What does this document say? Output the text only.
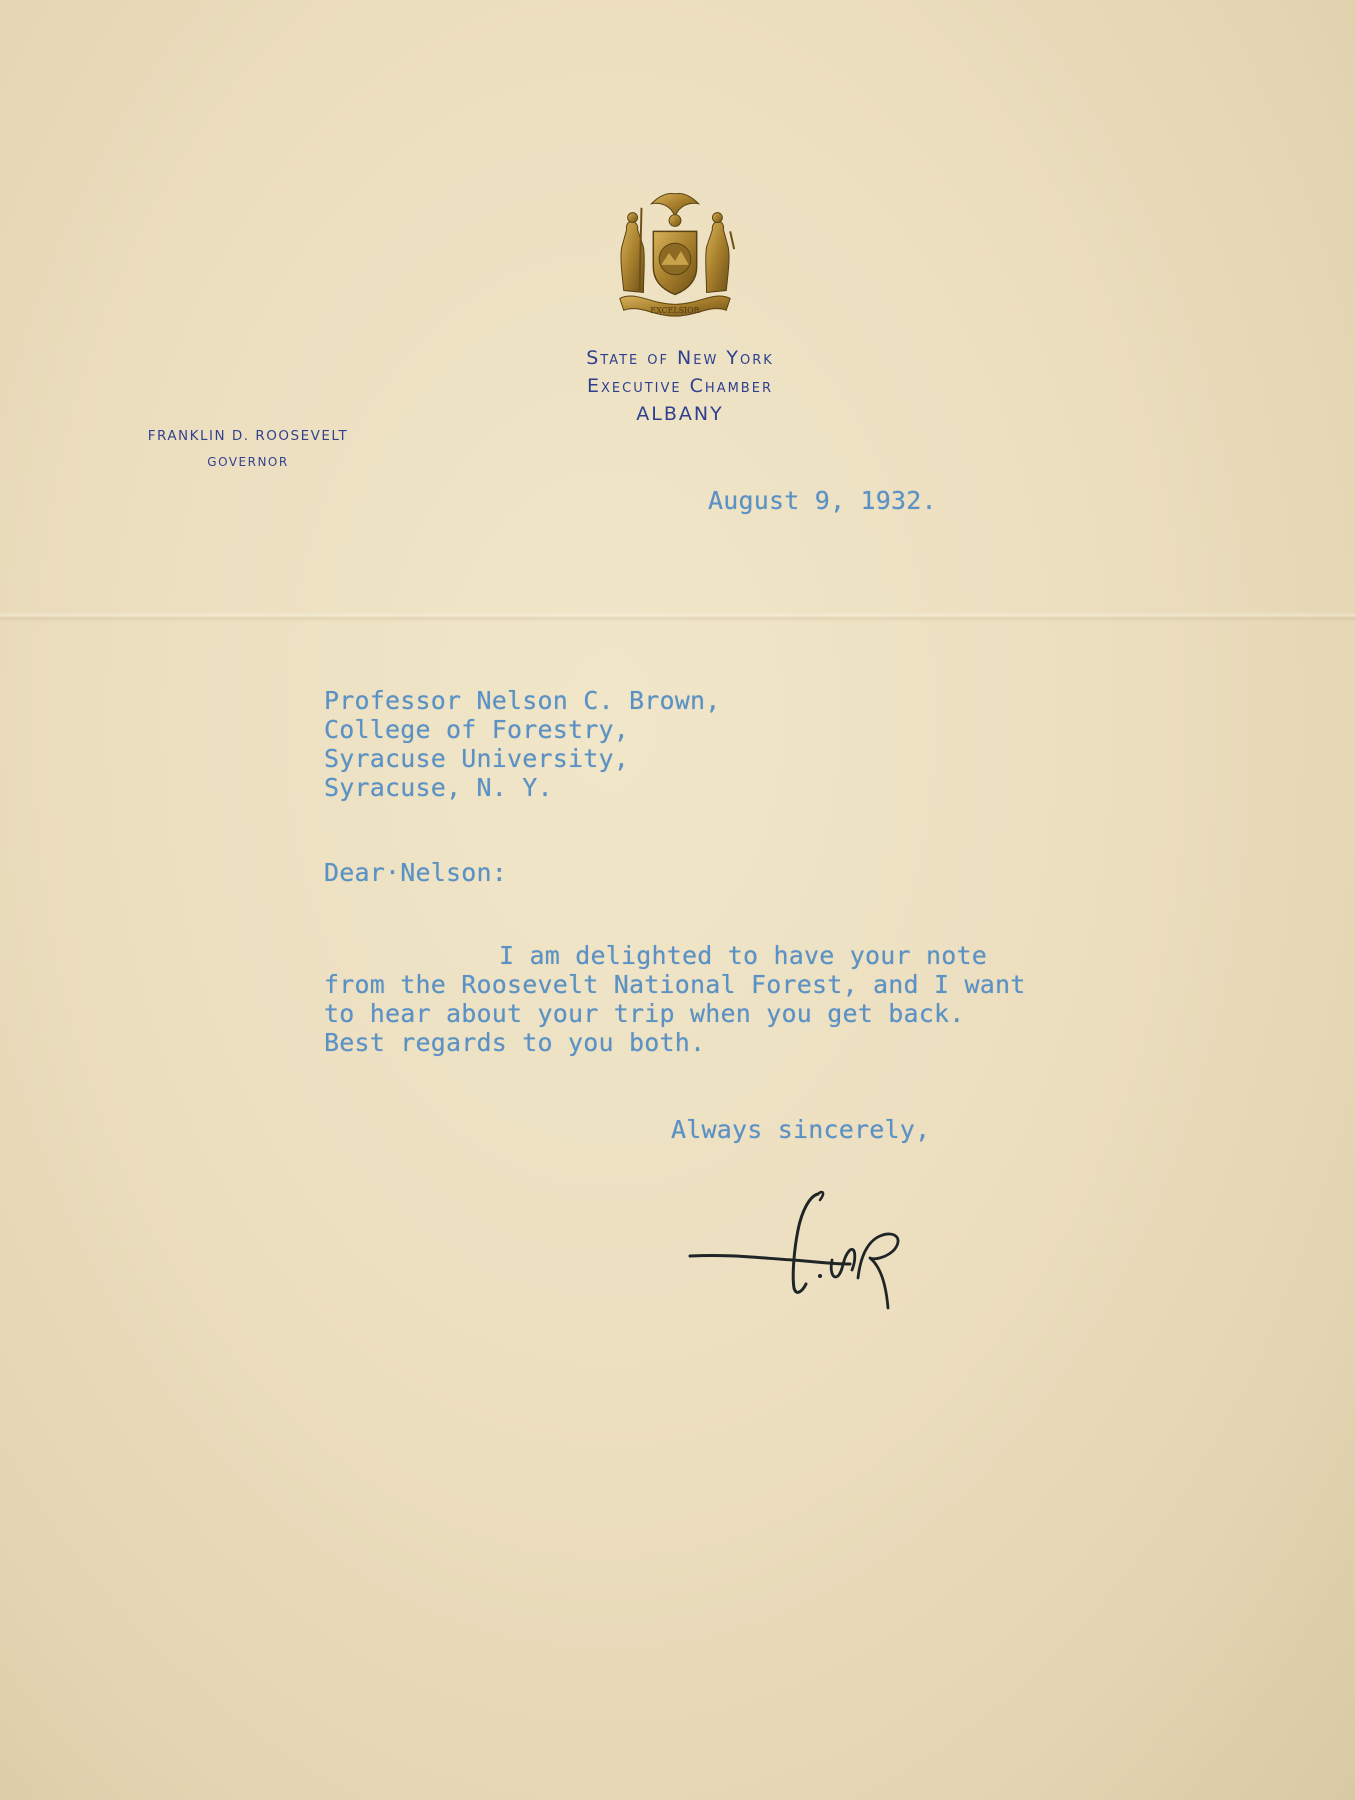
EXCELSIOR
State of New York
Executive Chamber
ALBANY
FRANKLIN D. ROOSEVELT
GOVERNOR
August 9, 1932.
Professor Nelson C. Brown,
College of Forestry,
Syracuse University,
Syracuse, N. Y.
Dear·Nelson:
I am delighted to have your note
from the Roosevelt National Forest, and I want
to hear about your trip when you get back.
Best regards to you both.
Always sincerely,
